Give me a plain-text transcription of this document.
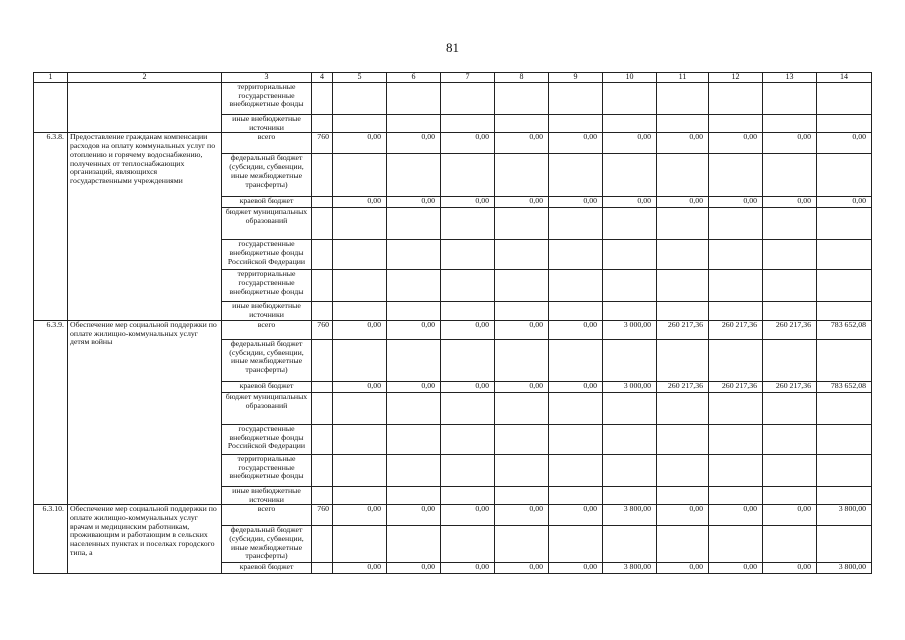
81
1	2	3	4	5	6	7	8	9	10	11	12	13	14
		территориальные государственные внебюджетные фонды											
		иные внебюджетные источники											
6.3.8.	Предоставление гражданам компенсации расходов на оплату коммунальных услуг по отоплению и горячему водоснабжению, полученных от теплоснабжающих организаций, являющихся государственными учреждениями	всего	760	0,00	0,00	0,00	0,00	0,00	0,00	0,00	0,00	0,00	0,00
		федеральный бюджет (субсидии, субвенции, иные межбюджетные трансферты)											
		краевой бюджет		0,00	0,00	0,00	0,00	0,00	0,00	0,00	0,00	0,00	0,00
		бюджет муниципальных образований											
		государственные внебюджетные фонды Российской Федерации											
		территориальные государственные внебюджетные фонды											
		иные внебюджетные источники											
6.3.9.	Обеспечение мер социальной поддержки по оплате жилищно-коммунальных услуг детям войны	всего	760	0,00	0,00	0,00	0,00	0,00	3 000,00	260 217,36	260 217,36	260 217,36	783 652,08
		федеральный бюджет (субсидии, субвенции, иные межбюджетные трансферты)											
		краевой бюджет		0,00	0,00	0,00	0,00	0,00	3 000,00	260 217,36	260 217,36	260 217,36	783 652,08
		бюджет муниципальных образований											
		государственные внебюджетные фонды Российской Федерации											
		территориальные государственные внебюджетные фонды											
		иные внебюджетные источники											
6.3.10.	Обеспечение мер социальной поддержки по оплате жилищно-коммунальных услуг врачам и медицинским работникам, проживающим и работающим в сельских населенных пунктах и поселках городского типа, а	всего	760	0,00	0,00	0,00	0,00	0,00	3 800,00	0,00	0,00	0,00	3 800,00
		федеральный бюджет (субсидии, субвенции, иные межбюджетные трансферты)											
		краевой бюджет		0,00	0,00	0,00	0,00	0,00	3 800,00	0,00	0,00	0,00	3 800,00
